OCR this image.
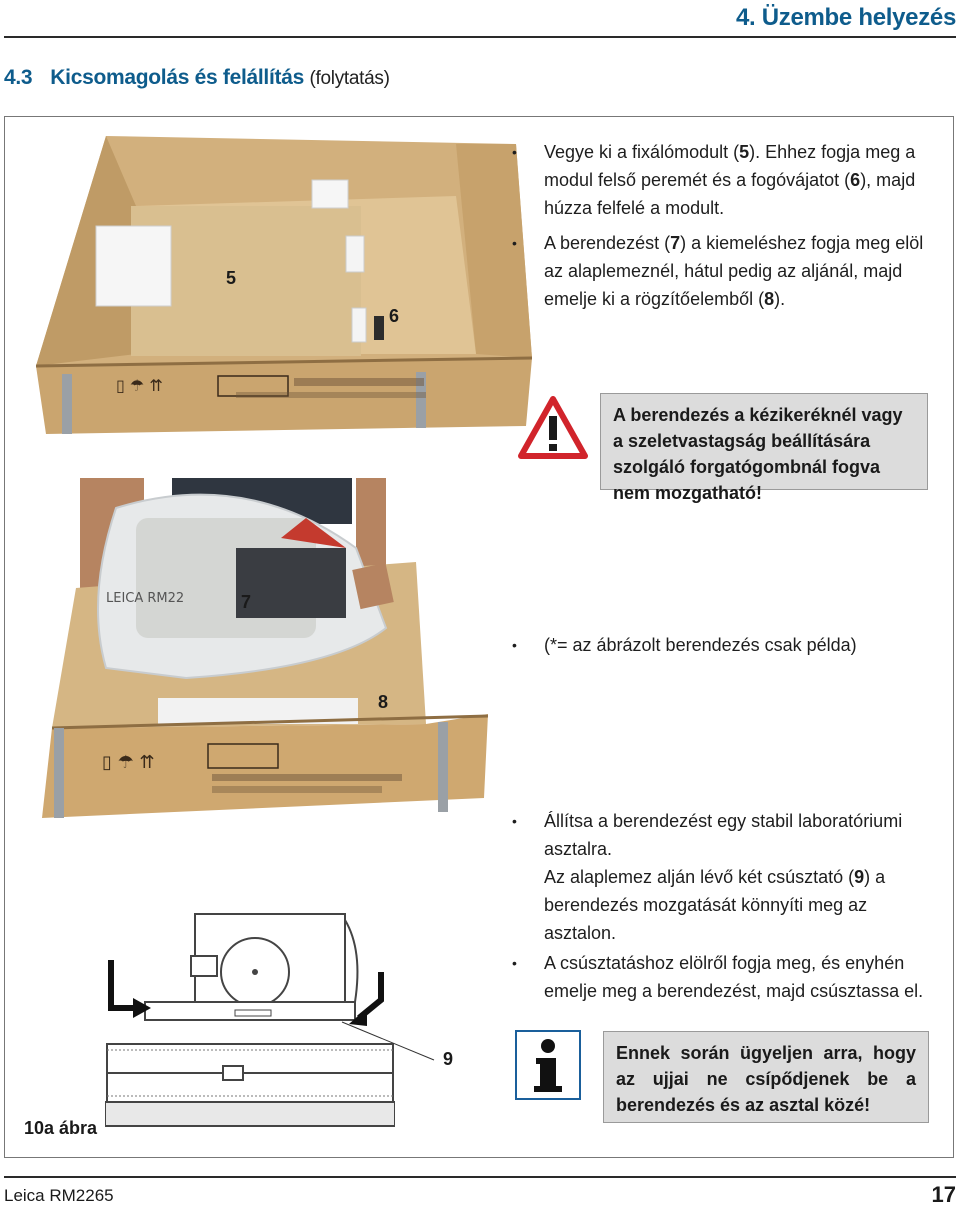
4. Üzembe helyezés
4.3 Kicsomagolás és felállítás (folytatás)
▯ ☂ ⇈
5
6
• Vegye ki a fixálómodult (5). Ehhez fogja meg a modul felső peremét és a fogóvájatot (6), majd húzza felfelé a modult.
• A berendezést (7) a kiemeléshez fogja meg elöl az alaplemeznél, hátul pedig az aljánál, majd emelje ki a rögzítőelemből (8).
A berendezés a kézikeréknél vagy a szeletvastagság beállítására szolgáló forgatógombnál fogva nem mozgatható!
LEICA RM22
▯ ☂ ⇈
7
8
• (*= az ábrázolt berendezés csak példa)
• Állítsa a berendezést egy stabil laboratóriumi asztalra.
Az alaplemez alján lévő két csúsztató (9) a berendezés mozgatását könnyíti meg az asztalon.
• A csúsztatáshoz elölről fogja meg, és enyhén emelje meg a berendezést, majd csúsztassa el.
9	Ennek során ügyeljen arra, hogy az ujjai ne csípődjenek be a berendezés és az asztal közé!
10a ábra
Leica RM2265	17
